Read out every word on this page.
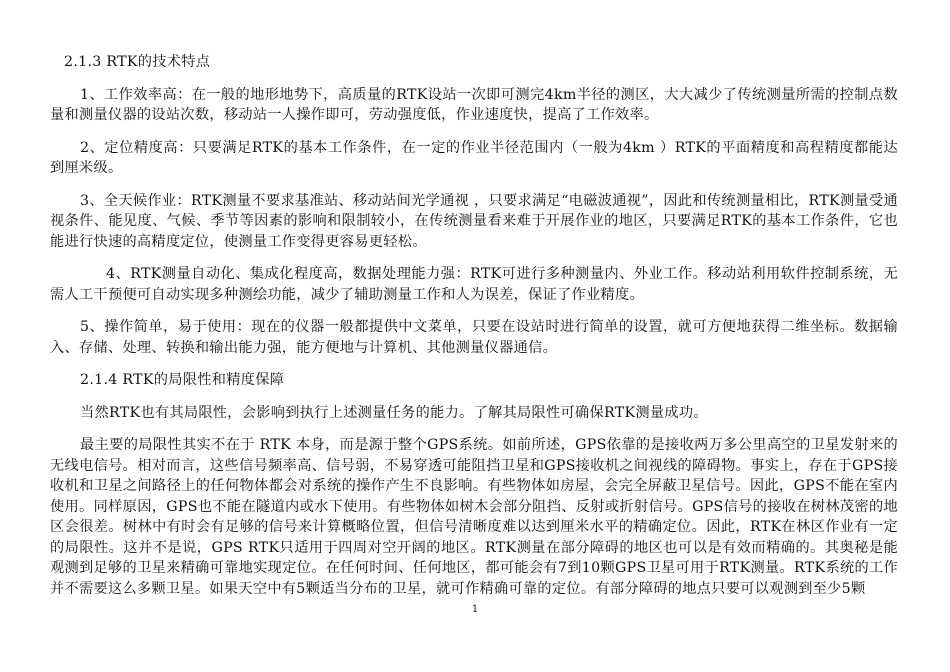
2.1.3 RTK的技术特点

1、工作效率高：在一般的地形地势下，高质量的RTK设站一次即可测完4km半径的测区，大大减少了传统测量所需的控制点数量和测量仪器的设站次数，移动站一人操作即可，劳动强度低，作业速度快，提高了工作效率。

2、定位精度高：只要满足RTK的基本工作条件，在一定的作业半径范围内（一般为4km ）RTK的平面精度和高程精度都能达到厘米级。

3、全天候作业：RTK测量不要求基准站、移动站间光学通视 ，只要求满足“电磁波通视”，因此和传统测量相比，RTK测量受通视条件、能见度、气候、季节等因素的影响和限制较小，在传统测量看来难于开展作业的地区，只要满足RTK的基本工作条件，它也能进行快速的高精度定位，使测量工作变得更容易更轻松。

4、RTK测量自动化、集成化程度高，数据处理能力强：RTK可进行多种测量内、外业工作。移动站利用软件控制系统，无需人工干预便可自动实现多种测绘功能，减少了辅助测量工作和人为误差，保证了作业精度。

5、操作简单，易于使用：现在的仪器一般都提供中文菜单，只要在设站时进行简单的设置，就可方便地获得二维坐标。数据输入、存储、处理、转换和输出能力强，能方便地与计算机、其他测量仪器通信。

2.1.4 RTK的局限性和精度保障

当然RTK也有其局限性，会影响到执行上述测量任务的能力。了解其局限性可确保RTK测量成功。

最主要的局限性其实不在于 RTK 本身，而是源于整个GPS系统。如前所述，GPS依靠的是接收两万多公里高空的卫星发射来的无线电信号。相对而言，这些信号频率高、信号弱，不易穿透可能阻挡卫星和GPS接收机之间视线的障碍物。事实上，存在于GPS接收机和卫星之间路径上的任何物体都会对系统的操作产生不良影响。有些物体如房屋，会完全屏蔽卫星信号。因此，GPS不能在室内使用。同样原因，GPS也不能在隧道内或水下使用。有些物体如树木会部分阻挡、反射或折射信号。GPS信号的接收在树林茂密的地区会很差。树林中有时会有足够的信号来计算概略位置，但信号清晰度难以达到厘米水平的精确定位。因此，RTK在林区作业有一定的局限性。这并不是说，GPS RTK只适用于四周对空开阔的地区。RTK测量在部分障碍的地区也可以是有效而精确的。其奥秘是能观测到足够的卫星来精确可靠地实现定位。在任何时间、任何地区，都可能会有7到10颗GPS卫星可用于RTK测量。RTK系统的工作并不需要这么多颗卫星。如果天空中有5颗适当分布的卫星，就可作精确可靠的定位。有部分障碍的地点只要可以观测到至少5颗

1
